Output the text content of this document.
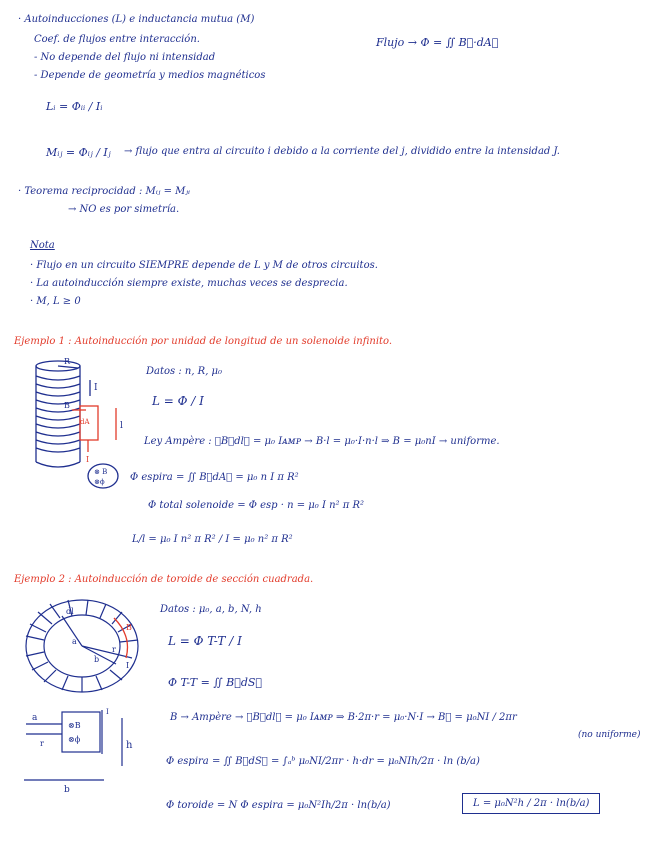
· Autoinducciones (L) e inductancia mutua (M)
Coef. de flujos entre interacción.
- No depende del flujo ni intensidad
- Depende de geometría y medios magnéticos
Flujo → Φ = ∬ B⃗·dA⃗
Lᵢ = Φᵢᵢ / Iᵢ
Mᵢⱼ = Φᵢⱼ / Iⱼ → flujo que entra al circuito i debido a la corriente del j, dividido entre la intensidad J.
· Teorema reciprocidad : Mᵢⱼ = Mⱼᵢ
→ NO es por simetría.
Nota
· Flujo en un circuito SIEMPRE depende de L y M de otros circuitos.
· La autoinducción siempre existe, muchas veces se desprecia.
· M, L ≥ 0
Ejemplo 1 : Autoinducción por unidad de longitud de un solenoide infinito.
R
I
B
dA	l
I
Datos : n, R, μ₀
L = Φ / I
Ley Ampère : ∮B⃗dl⃗ = μ₀ Iᴀᴍᴘ → B·l = μ₀·I·n·l ⇒ B = μ₀nI → uniforme.
⊗ B
⊗ϕ	Φ espira = ∬ B⃗dA⃗ = μ₀ n I π R²
Φ total solenoide = Φ esp · n = μ₀ I n² π R²
L/l = μ₀ I n² π R² / I = μ₀ n² π R²
Ejemplo 2 : Autoinducción de toroide de sección cuadrada.
dl
B
a
r
b
I
a
r
⊗B
⊗ϕ
h
I
b
Datos : μ₀, a, b, N, h
L = Φ T-T / I
Φ T-T = ∬ B⃗dS⃗
B → Ampère → ∮B⃗dl⃗ = μ₀ Iᴀᴍᴘ ⇒ B·2π·r = μ₀·N·I → B⃗ = μ₀NI / 2πr
(no uniforme)
Φ espira = ∬ B⃗dS⃗ = ∫ₐᵇ μ₀NI/2πr · h·dr = μ₀NIh/2π · ln (b/a)
Φ toroide = N Φ espira = μ₀N²Ih/2π · ln(b/a)	L = μ₀N²h / 2π · ln(b/a)
